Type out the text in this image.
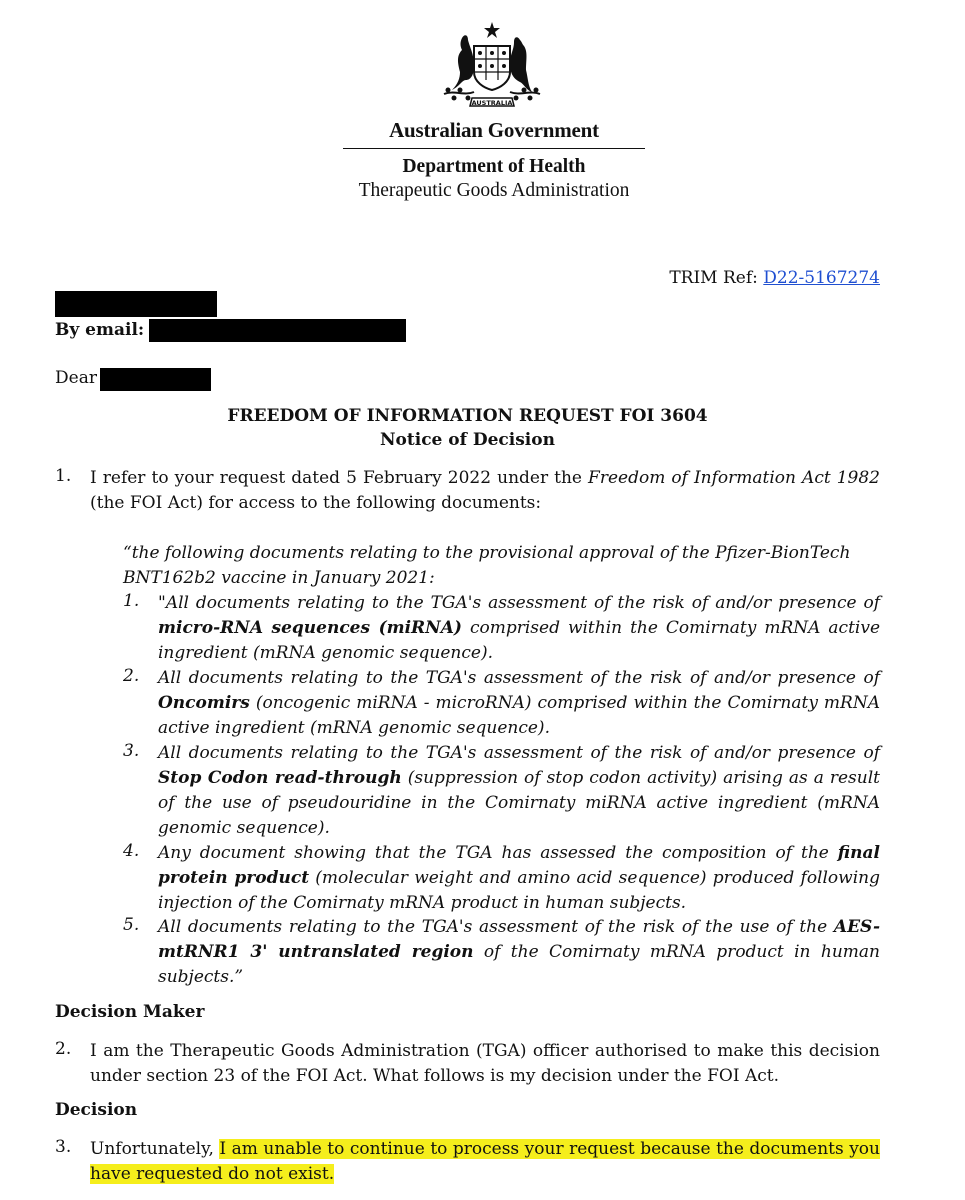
AUSTRALIA
Australian Government
Department of Health
Therapeutic Goods Administration
TRIM Ref: D22-5167274
By email:
Dear
FREEDOM OF INFORMATION REQUEST FOI 3604
Notice of Decision
1. I refer to your request dated 5 February 2022 under the Freedom of Information Act 1982 (the FOI Act) for access to the following documents:
“the following documents relating to the provisional approval of the Pfizer-BionTech BNT162b2 vaccine in January 2021:
1. "All documents relating to the TGA's assessment of the risk of and/or presence of micro-RNA sequences (miRNA) comprised within the Comirnaty mRNA active ingredient (mRNA genomic sequence).
2. All documents relating to the TGA's assessment of the risk of and/or presence of Oncomirs (oncogenic miRNA - microRNA) comprised within the Comirnaty mRNA active ingredient (mRNA genomic sequence).
3. All documents relating to the TGA's assessment of the risk of and/or presence of Stop Codon read-through (suppression of stop codon activity) arising as a result of the use of pseudouridine in the Comirnaty miRNA active ingredient (mRNA genomic sequence).
4. Any document showing that the TGA has assessed the composition of the final protein product (molecular weight and amino acid sequence) produced following injection of the Comirnaty mRNA product in human subjects.
5. All documents relating to the TGA's assessment of the risk of the use of the AES-mtRNR1 3' untranslated region of the Comirnaty mRNA product in human subjects.”
Decision Maker
2. I am the Therapeutic Goods Administration (TGA) officer authorised to make this decision under section 23 of the FOI Act. What follows is my decision under the FOI Act.
Decision
3. Unfortunately, I am unable to continue to process your request because the documents you have requested do not exist.
